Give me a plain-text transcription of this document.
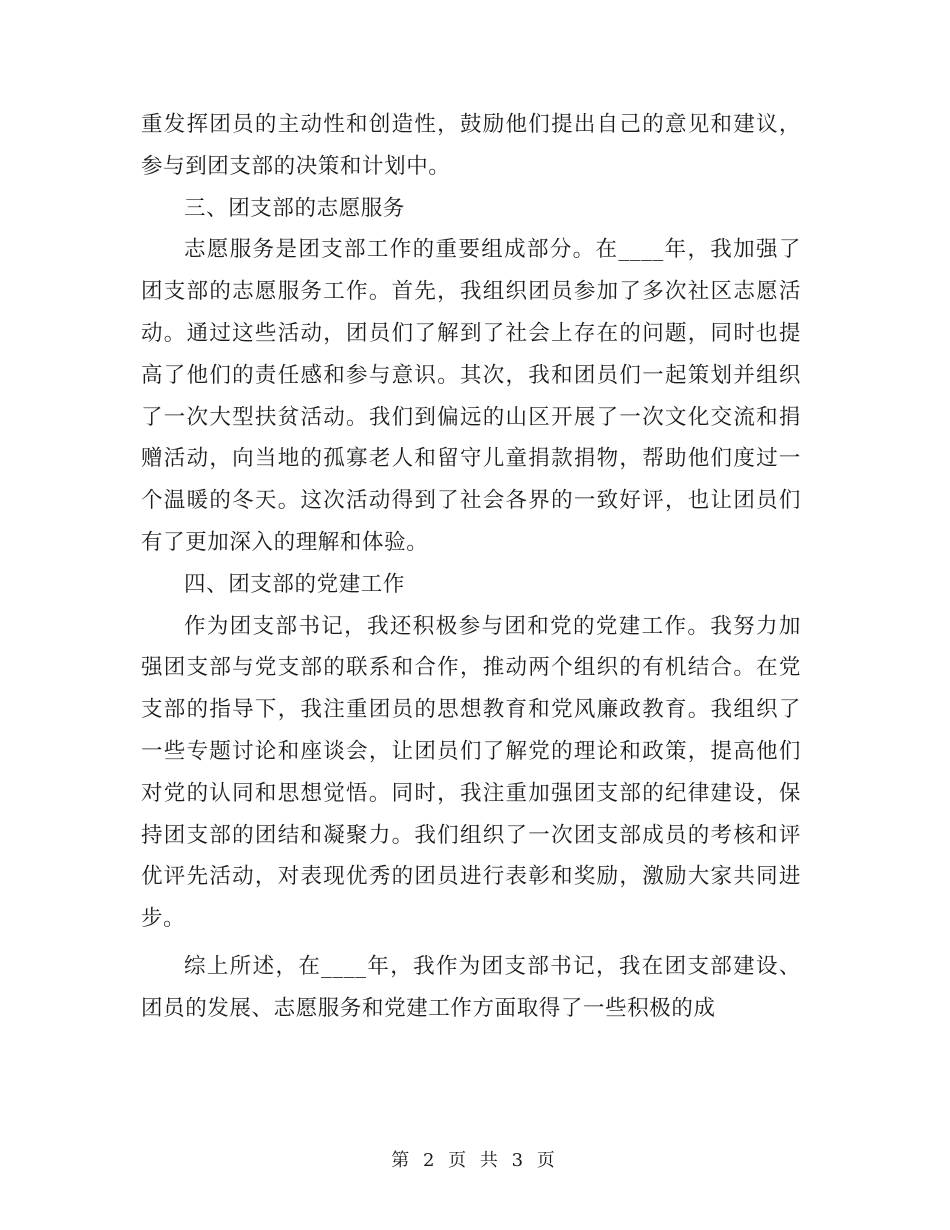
重发挥团员的主动性和创造性，鼓励他们提出自己的意见和建议，参与到团支部的决策和计划中。

三、团支部的志愿服务

志愿服务是团支部工作的重要组成部分。在____年，我加强了团支部的志愿服务工作。首先，我组织团员参加了多次社区志愿活动。通过这些活动，团员们了解到了社会上存在的问题，同时也提高了他们的责任感和参与意识。其次，我和团员们一起策划并组织了一次大型扶贫活动。我们到偏远的山区开展了一次文化交流和捐赠活动，向当地的孤寡老人和留守儿童捐款捐物，帮助他们度过一个温暖的冬天。这次活动得到了社会各界的一致好评，也让团员们有了更加深入的理解和体验。

四、团支部的党建工作

作为团支部书记，我还积极参与团和党的党建工作。我努力加强团支部与党支部的联系和合作，推动两个组织的有机结合。在党支部的指导下，我注重团员的思想教育和党风廉政教育。我组织了一些专题讨论和座谈会，让团员们了解党的理论和政策，提高他们对党的认同和思想觉悟。同时，我注重加强团支部的纪律建设，保持团支部的团结和凝聚力。我们组织了一次团支部成员的考核和评优评先活动，对表现优秀的团员进行表彰和奖励，激励大家共同进步。

综上所述，在____年，我作为团支部书记，我在团支部建设、团员的发展、志愿服务和党建工作方面取得了一些积极的成

第 2 页 共 3 页
